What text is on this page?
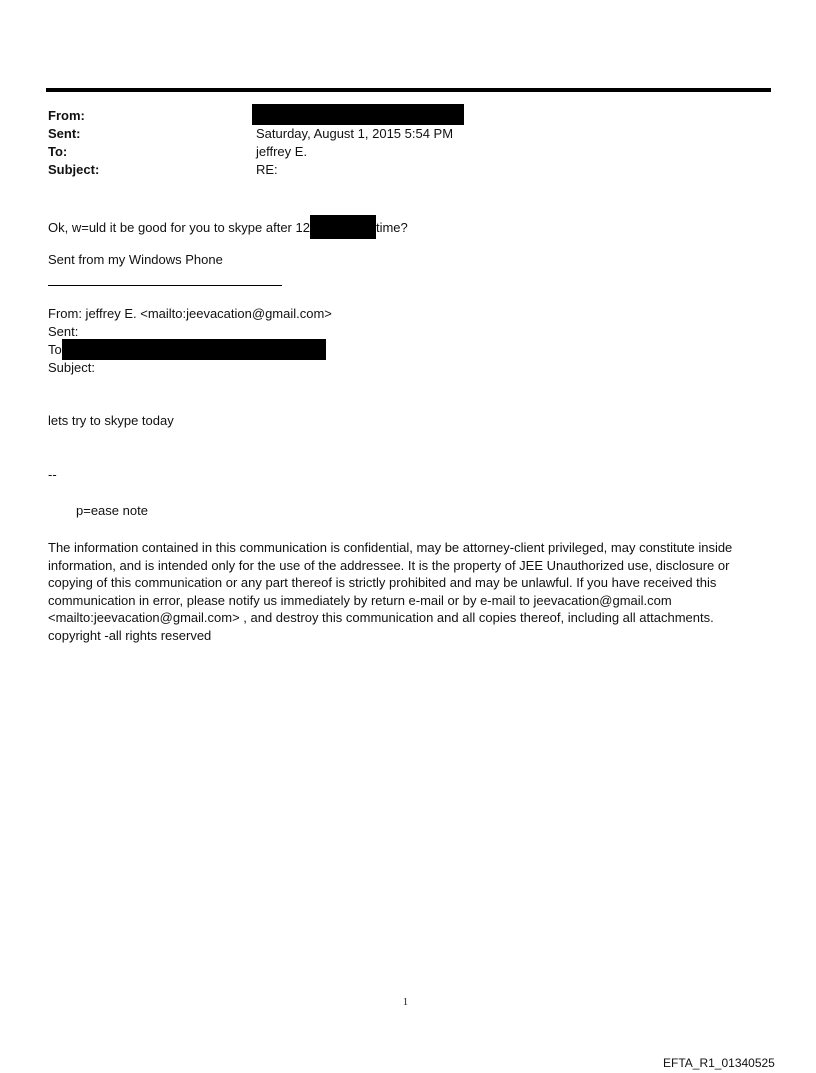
From:
Sent:	Saturday, August 1, 2015 5:54 PM
To:	jeffrey E.
Subject:	RE:
Ok, w=uld it be good for you to skype after 12	time?
Sent from my Windows Phone
From: jeffrey E. <mailto:jeevacation@gmail.com>
Sent:
To
Subject:
lets try to skype today
--
p=ease note
The information contained in this communication is confidential, may be attorney-client privileged, may constitute inside information, and is intended only for the use of the addressee. It is the property of JEE Unauthorized use, disclosure or copying of this communication or any part thereof is strictly prohibited and may be unlawful. If you have received this communication in error, please notify us immediately by return e-mail or by e-mail to jeevacation@gmail.com <mailto:jeevacation@gmail.com> , and destroy this communication and all copies thereof, including all attachments. copyright -all rights reserved
1
EFTA_R1_01340525
